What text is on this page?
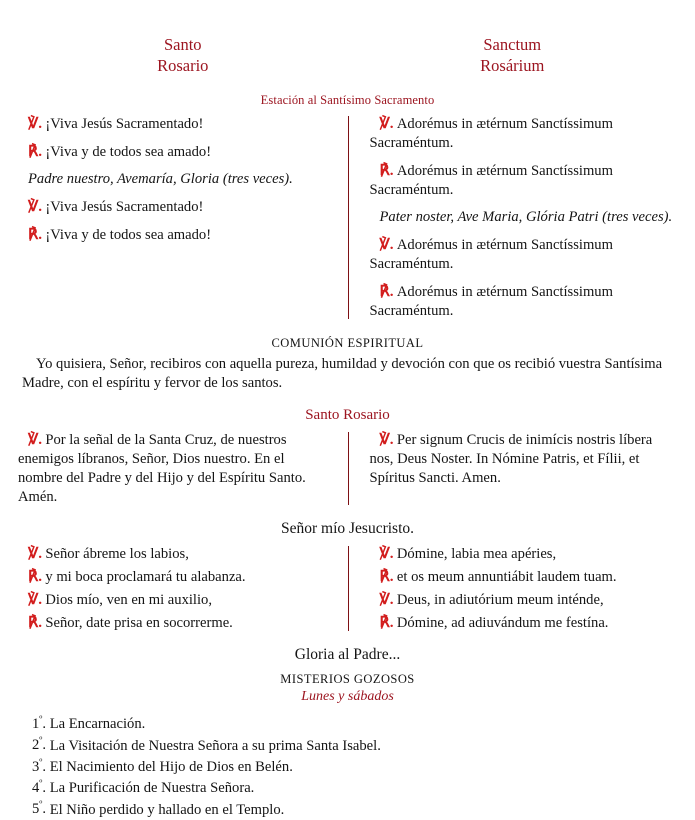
Santo
Rosario
Sanctum
Rosárium
Estación al Santísimo Sacramento

℣. ¡Viva Jesús Sacramentado!

℟. ¡Viva y de todos sea amado!

Padre nuestro, Avemaría, Gloria (tres veces).

℣. ¡Viva Jesús Sacramentado!

℟. ¡Viva y de todos sea amado!

℣. Adorémus in ætérnum Sanctíssimum Sacraméntum.

℟. Adorémus in ætérnum Sanctíssimum Sacraméntum.

Pater noster, Ave Maria, Glória Patri (tres veces).

℣. Adorémus in ætérnum Sanctíssimum Sacraméntum.

℟. Adorémus in ætérnum Sanctíssimum Sacraméntum.

COMUNIÓN ESPIRITUAL

Yo quisiera, Señor, recibiros con aquella pureza, humildad y devoción con que os recibió vuestra Santísima Madre, con el espíritu y fervor de los santos.

Santo Rosario

℣. Por la señal de la Santa Cruz, de nuestros enemigos líbranos, Señor, Dios nuestro. En el nombre del Padre y del Hijo y del Espíritu Santo. Amén.

℣. Per signum Crucis de inimícis nostris líbera nos, Deus Noster. In Nómine Patris, et Fílii, et Spíritus Sancti. Amen.

Señor mío Jesucristo.

℣. Señor ábreme los labios,

℟. y mi boca proclamará tu alabanza.

℣. Dios mío, ven en mi auxilio,

℟. Señor, date prisa en socorrerme.

℣. Dómine, labia mea apéries,

℟. et os meum annuntiábit laudem tuam.

℣. Deus, in adiutórium meum inténde,

℟. Dómine, ad adiuvándum me festína.

Gloria al Padre...
MISTERIOS GOZOSOS
Lunes y sábados
$1^º$. La Encarnación.
$2^º$. La Visitación de Nuestra Señora a su prima Santa Isabel.
$3^º$. El Nacimiento del Hijo de Dios en Belén.
$4^º$. La Purificación de Nuestra Señora.
$5^º$. El Niño perdido y hallado en el Templo.
